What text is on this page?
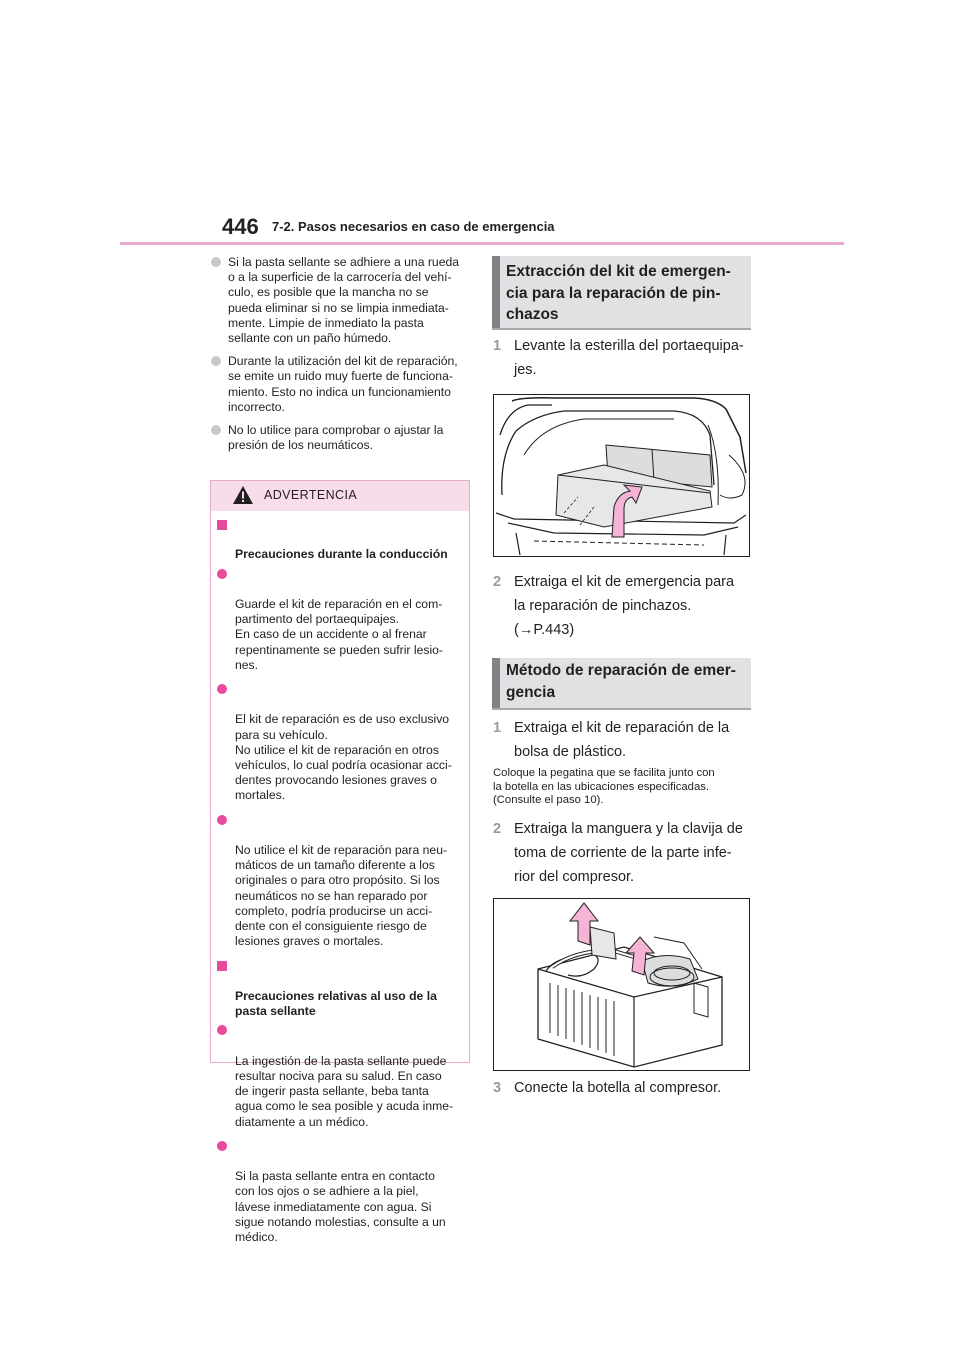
446 7-2. Pasos necesarios en caso de emergencia
Si la pasta sellante se adhiere a una rueda
o a la superficie de la carrocería del vehí-
culo, es posible que la mancha no se
pueda eliminar si no se limpia inmediata-
mente. Limpie de inmediato la pasta
sellante con un paño húmedo.
Durante la utilización del kit de reparación,
se emite un ruido muy fuerte de funciona-
miento. Esto no indica un funcionamiento
incorrecto.
No lo utilice para comprobar o ajustar la
presión de los neumáticos.
ADVERTENCIA

Precauciones durante la conducción

Guarde el kit de reparación en el com-
partimento del portaequipajes.
En caso de un accidente o al frenar
repentinamente se pueden sufrir lesio-
nes.

El kit de reparación es de uso exclusivo
para su vehículo.
No utilice el kit de reparación en otros
vehículos, lo cual podría ocasionar acci-
dentes provocando lesiones graves o
mortales.

No utilice el kit de reparación para neu-
máticos de un tamaño diferente a los
originales o para otro propósito. Si los
neumáticos no se han reparado por
completo, podría producirse un acci-
dente con el consiguiente riesgo de
lesiones graves o mortales.

Precauciones relativas al uso de la
pasta sellante

La ingestión de la pasta sellante puede
resultar nociva para su salud. En caso
de ingerir pasta sellante, beba tanta
agua como le sea posible y acuda inme-
diatamente a un médico.

Si la pasta sellante entra en contacto
con los ojos o se adhiere a la piel,
lávese inmediatamente con agua. Si
sigue notando molestias, consulte a un
médico.

Extracción del kit de emergen-
cia para la reparación de pin-
chazos
1 Levante la esterilla del portaequipa-
jes.
2 Extraiga el kit de emergencia para
la reparación de pinchazos.
(→P.443)
Método de reparación de emer-
gencia
1 Extraiga el kit de reparación de la
bolsa de plástico.
Coloque la pegatina que se facilita junto con
la botella en las ubicaciones especificadas.
(Consulte el paso 10).
2 Extraiga la manguera y la clavija de
toma de corriente de la parte infe-
rior del compresor.
3 Conecte la botella al compresor.
